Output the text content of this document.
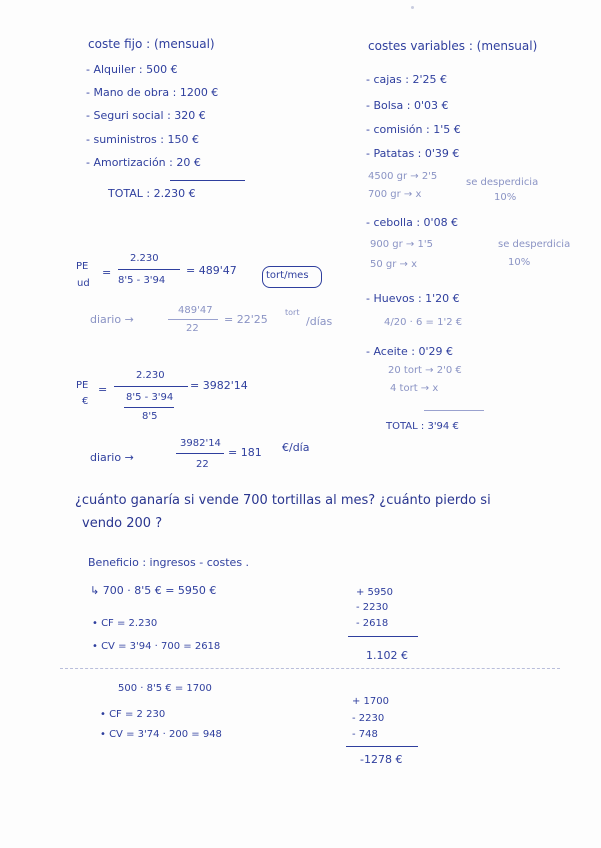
coste fijo : (mensual)
- Alquiler : 500 €
- Mano de obra : 1200 €
- Seguri social : 320 €
- suministros : 150 €
- Amortización : 20 €
TOTAL : 2.230 €
costes variables : (mensual)
- cajas : 2'25 €
- Bolsa : 0'03 €
- comisión : 1'5 €
- Patatas : 0'39 €
4500 gr → 2'5
700 gr → x
se desperdicia
10%
- cebolla : 0'08 €
900 gr → 1'5
50 gr → x
se desperdicia
10%
- Huevos : 1'20 €
4/20 · 6 = 1'2 €
- Aceite : 0'29 €
20 tort → 2'0 €
4 tort → x
TOTAL : 3'94 €
PE
ud
=
2.230
8'5 - 3'94
= 489'47	tort/mes
diario →
489'47
22
= 22'25
tort
/días
PE
€
=
2.230
8'5 - 3'94
8'5
= 3982'14
diario →
3982'14
22
= 181 €/día
¿cuánto ganaría si vende 700 tortillas al mes? ¿cuánto pierdo si
vendo 200 ?
Beneficio : ingresos - costes .
↳ 700 · 8'5 € = 5950 €
• CF = 2.230
• CV = 3'94 · 700 = 2618
+ 5950
- 2230
- 2618
1.102 €
500 · 8'5 € = 1700
• CF = 2 230
• CV = 3'74 · 200 = 948
+ 1700
- 2230
- 748
-1278 €
